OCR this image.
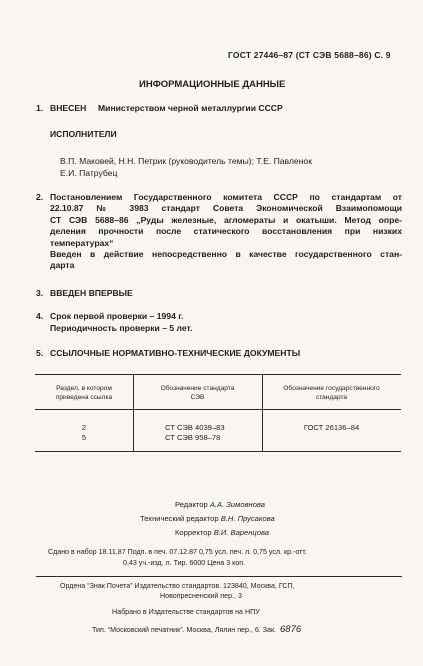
ГОСТ 27446–87 (СТ СЭВ 5688–86) С. 9
ИНФОРМАЦИОННЫЕ ДАННЫЕ
1. ВНЕСЕН Министерством черной металлургии СССР
ИСПОЛНИТЕЛИ
В.П. Маковей, Н.Н. Петрик (руководитель темы); Т.Е. Павленок
Е.И. Патрубец
2. Постановлением Государственного комитета СССР по стандартам от
22.10.87 № 3983 стандарт Совета Экономической Взаимопомощи
СТ СЭВ 5688–86 „Руды железные, агломераты и окатыши. Метод опре-
деления прочности после статического восстановления при низких
температурах“
Введен в действие непосредственно в качестве государственного стан-
дарта
3. ВВЕДЕН ВПЕРВЫЕ
4. Срок первой проверки – 1994 г.
Периодичность проверки – 5 лет.
5. ССЫЛОЧНЫЕ НОРМАТИВНО-ТЕХНИЧЕСКИЕ ДОКУМЕНТЫ
Раздел, в котором
приведена ссылка
Обозначение стандарта
СЭВ
Обозначение государственного
стандарта
2
5
СТ СЭВ 4039–83
СТ СЭВ 958–78
ГОСТ 26136–84
Редактор А.А. Зимовнова
Технический редактор В.Н. Прусакова
Корректор В.И. Варенцова
Сдано в набор 18.11.87 Подп. в печ. 07.12.87 0,75 усл. печ. л. 0,75 усл. кр.-отт.
0,43 уч.-изд. л. Тир. 6000 Цена 3 коп.
Ордена “Знак Почета” Издательство стандартов. 123840, Москва, ГСП,
Новопресненский пер., 3
Набрано в Издательстве стандартов на НПУ
Тип. “Московский печатник”. Москва, Лялин пер., 6. Зак. 6876
